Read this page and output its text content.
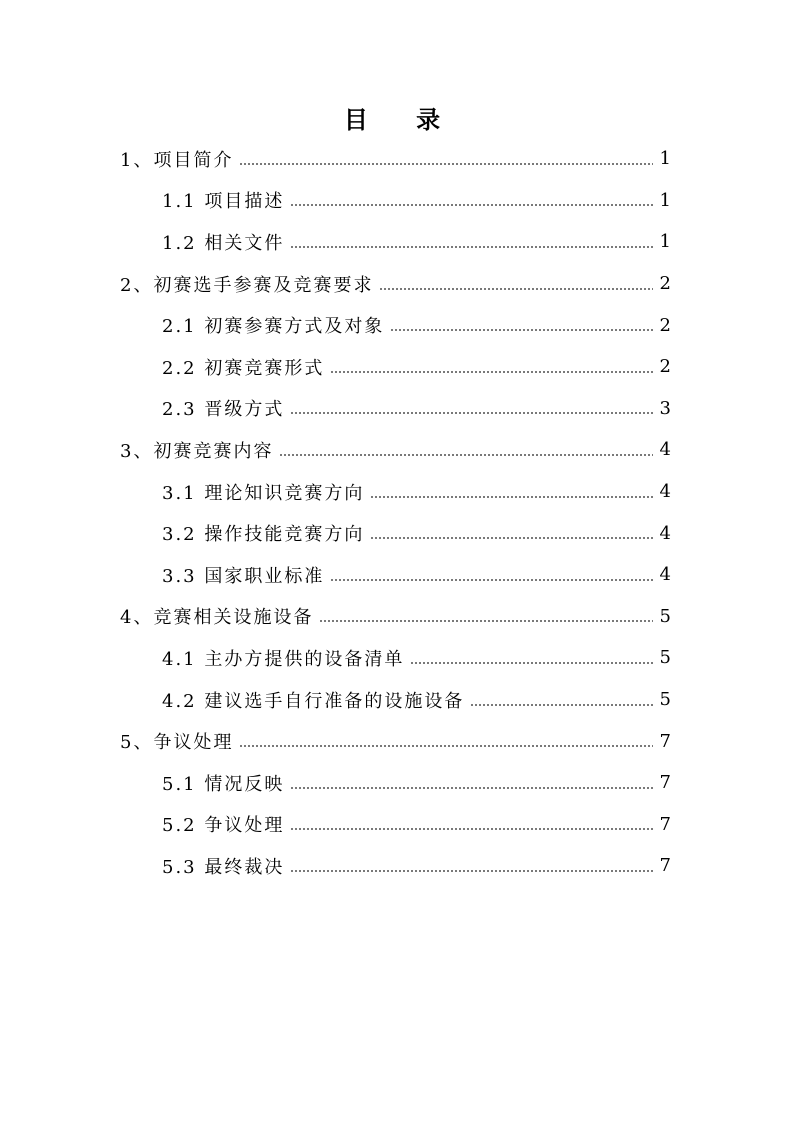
目 录
1、项目简介	1
1.1 项目描述	1
1.2 相关文件	1
2、初赛选手参赛及竞赛要求	2
2.1 初赛参赛方式及对象	2
2.2 初赛竞赛形式	2
2.3 晋级方式	3
3、初赛竞赛内容	4
3.1 理论知识竞赛方向	4
3.2 操作技能竞赛方向	4
3.3 国家职业标准	4
4、竞赛相关设施设备	5
4.1 主办方提供的设备清单	5
4.2 建议选手自行准备的设施设备	5
5、争议处理	7
5.1 情况反映	7
5.2 争议处理	7
5.3 最终裁决	7
